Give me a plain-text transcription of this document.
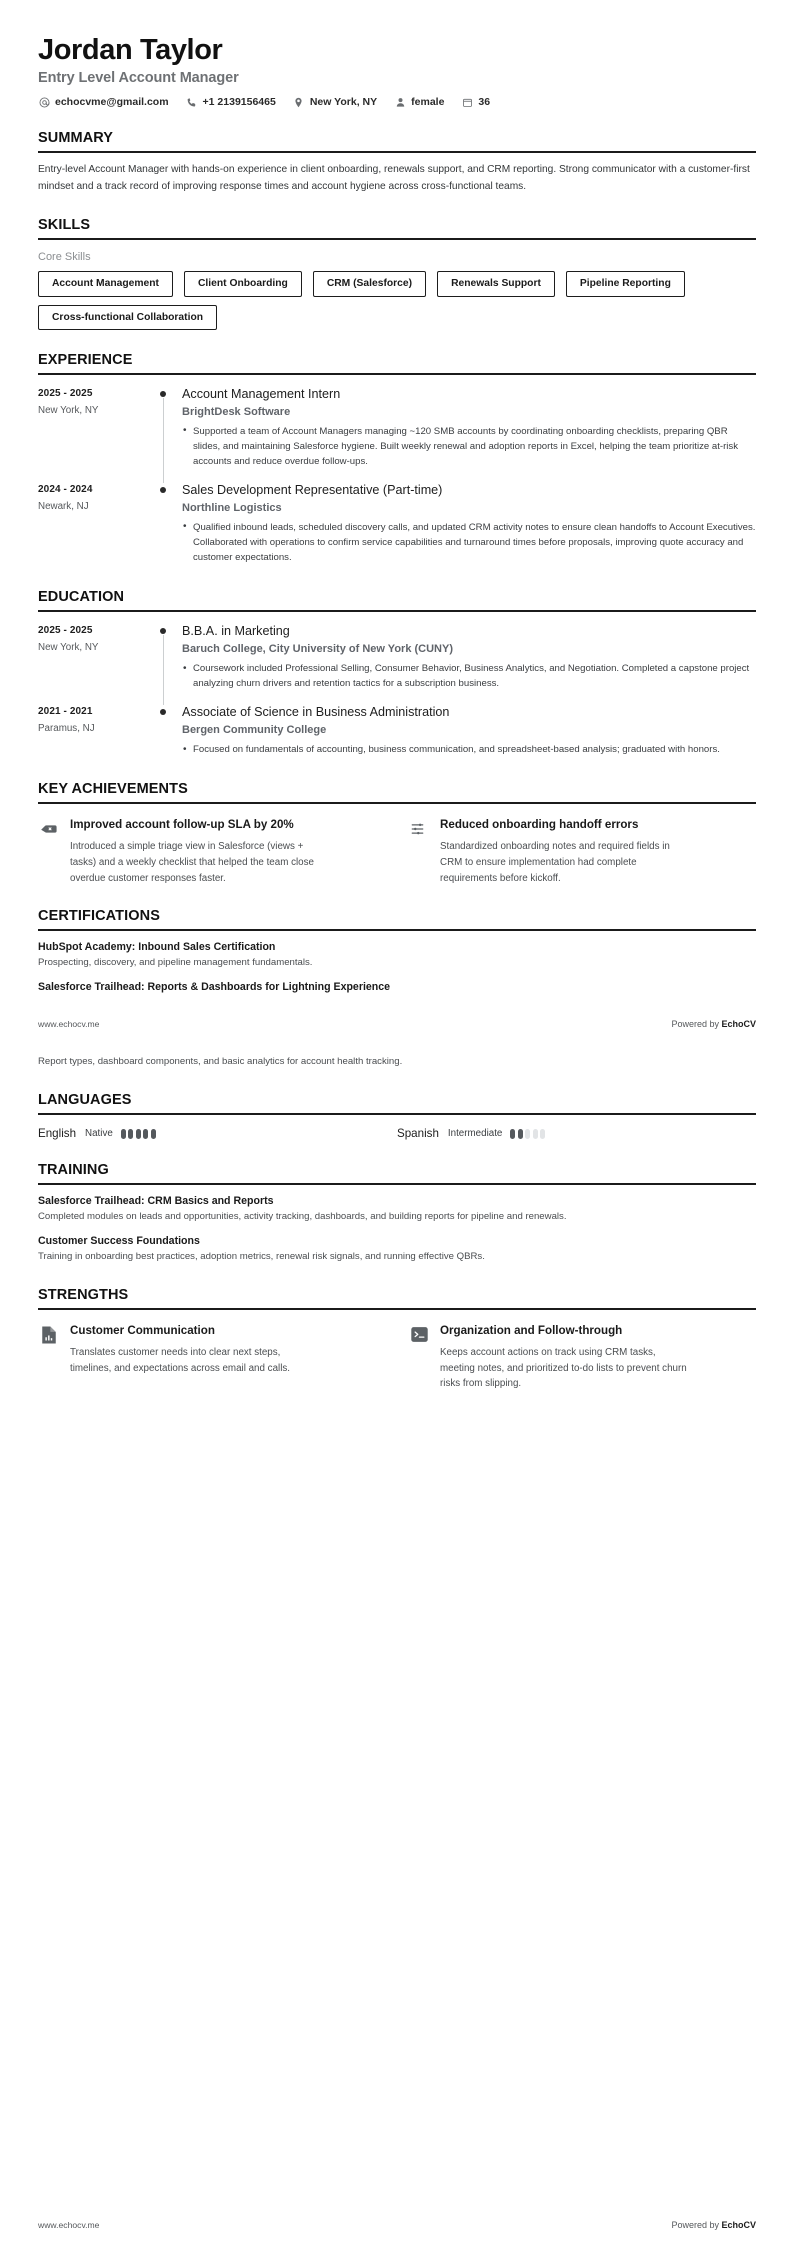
Jordan Taylor
Entry Level Account Manager
echocvme@gmail.com	+1 2139156465	New York, NY	female	36
SUMMARY
Entry-level Account Manager with hands-on experience in client onboarding, renewals support, and CRM reporting. Strong communicator with a customer-first mindset and a track record of improving response times and account hygiene across cross-functional teams.
SKILLS
Core Skills
Account Management	Client Onboarding	CRM (Salesforce)	Renewals Support	Pipeline Reporting
Cross-functional Collaboration
EXPERIENCE
2025 - 2025
New York, NY
Account Management Intern
BrightDesk Software
• Supported a team of Account Managers managing ~120 SMB accounts by coordinating onboarding checklists, preparing QBR slides, and maintaining Salesforce hygiene. Built weekly renewal and adoption reports in Excel, helping the team prioritize at-risk accounts and reduce overdue follow-ups.
2024 - 2024
Newark, NJ
Sales Development Representative (Part-time)
Northline Logistics
• Qualified inbound leads, scheduled discovery calls, and updated CRM activity notes to ensure clean handoffs to Account Executives. Collaborated with operations to confirm service capabilities and turnaround times before proposals, improving quote accuracy and customer expectations.
EDUCATION
2025 - 2025
New York, NY
B.B.A. in Marketing
Baruch College, City University of New York (CUNY)
• Coursework included Professional Selling, Consumer Behavior, Business Analytics, and Negotiation. Completed a capstone project analyzing churn drivers and retention tactics for a subscription business.
2021 - 2021
Paramus, NJ
Associate of Science in Business Administration
Bergen Community College
• Focused on fundamentals of accounting, business communication, and spreadsheet-based analysis; graduated with honors.
KEY ACHIEVEMENTS
Improved account follow-up SLA by 20%
Introduced a simple triage view in Salesforce (views + tasks) and a weekly checklist that helped the team close overdue customer responses faster.
Reduced onboarding handoff errors
Standardized onboarding notes and required fields in CRM to ensure implementation had complete requirements before kickoff.
CERTIFICATIONS
HubSpot Academy: Inbound Sales Certification
Prospecting, discovery, and pipeline management fundamentals.
Salesforce Trailhead: Reports & Dashboards for Lightning Experience
www.echocv.me	Powered by EchoCV
Report types, dashboard components, and basic analytics for account health tracking.
LANGUAGES
English Native	Spanish Intermediate
TRAINING
Salesforce Trailhead: CRM Basics and Reports
Completed modules on leads and opportunities, activity tracking, dashboards, and building reports for pipeline and renewals.
Customer Success Foundations
Training in onboarding best practices, adoption metrics, renewal risk signals, and running effective QBRs.
STRENGTHS
Customer Communication
Translates customer needs into clear next steps, timelines, and expectations across email and calls.
Organization and Follow-through
Keeps account actions on track using CRM tasks, meeting notes, and prioritized to-do lists to prevent churn risks from slipping.
www.echocv.me	Powered by EchoCV
